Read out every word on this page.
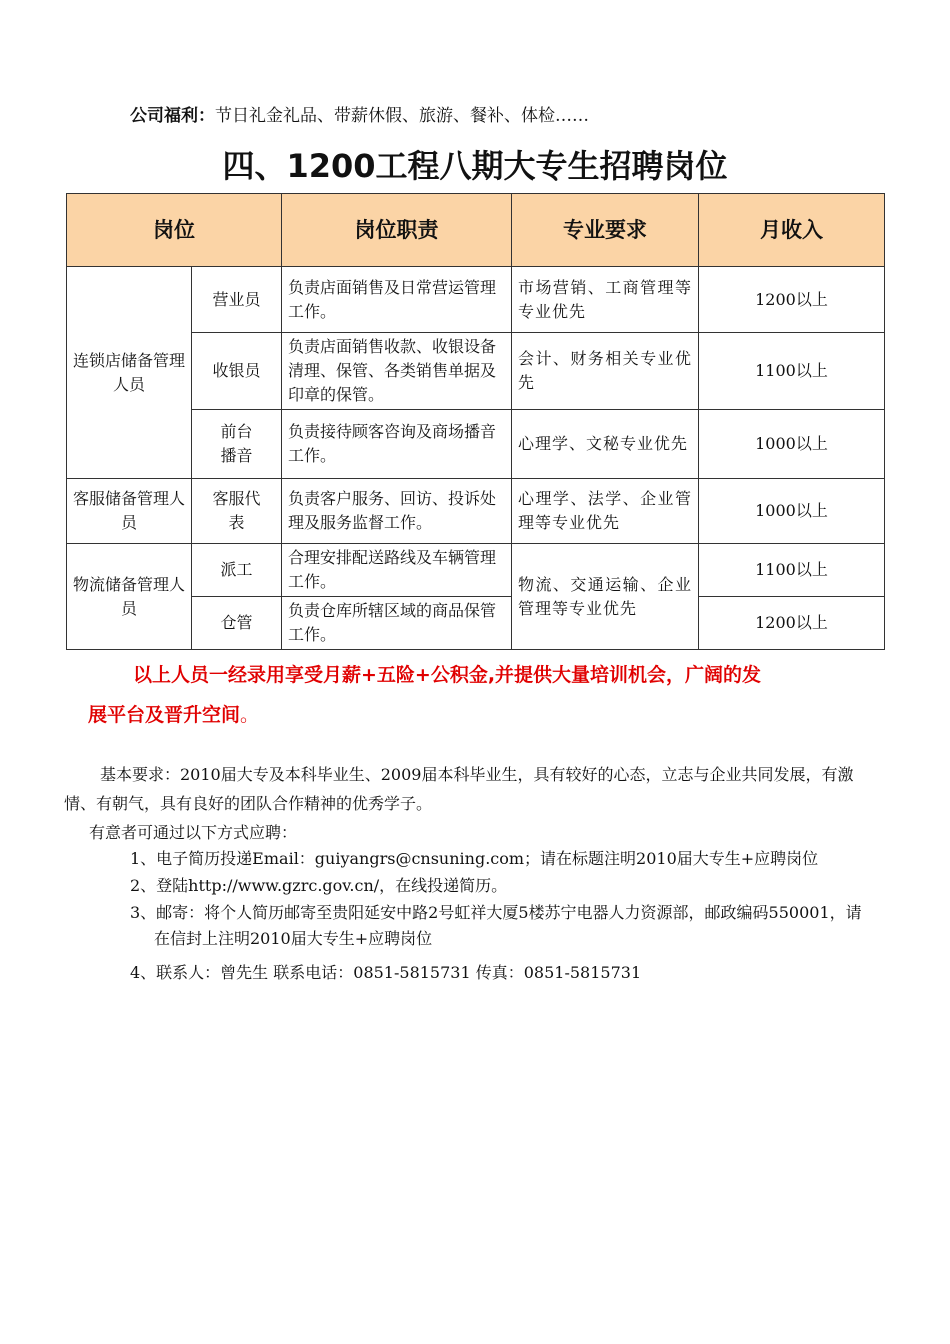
公司福利：节日礼金礼品、带薪休假、旅游、餐补、体检……
四、1200工程八期大专生招聘岗位
岗位		岗位职责	专业要求	月收入
连锁店储备管理人员	营业员	负责店面销售及日常营运管理工作。	市场营销、工商管理等专业优先	1200以上
	收银员	负责店面销售收款、收银设备清理、保管、各类销售单据及印章的保管。	会计、财务相关专业优先	1100以上
	前台播音	负责接待顾客咨询及商场播音工作。	心理学、文秘专业优先	1000以上
客服储备管理人员	客服代表	负责客户服务、回访、投诉处理及服务监督工作。	心理学、法学、企业管理等专业优先	1000以上
物流储备管理人员	派工	合理安排配送路线及车辆管理工作。	物流、交通运输、企业管理等专业优先	1100以上
	仓管	负责仓库所辖区域的商品保管工作。		1200以上
以上人员一经录用享受月薪+五险+公积金,并提供大量培训机会，广阔的发
展平台及晋升空间。
基本要求：2010届大专及本科毕业生、2009届本科毕业生，具有较好的心态，立志与企业共同发展，有激情、有朝气，具有良好的团队合作精神的优秀学子。
有意者可通过以下方式应聘：
1、电子简历投递Email：guiyangrs@cnsuning.com；请在标题注明2010届大专生+应聘岗位
2、登陆http://www.gzrc.gov.cn/，在线投递简历。
3、邮寄：将个人简历邮寄至贵阳延安中路2号虹祥大厦5楼苏宁电器人力资源部，邮政编码550001，请在信封上注明2010届大专生+应聘岗位
4、联系人：曾先生 联系电话：0851-5815731 传真：0851-5815731
